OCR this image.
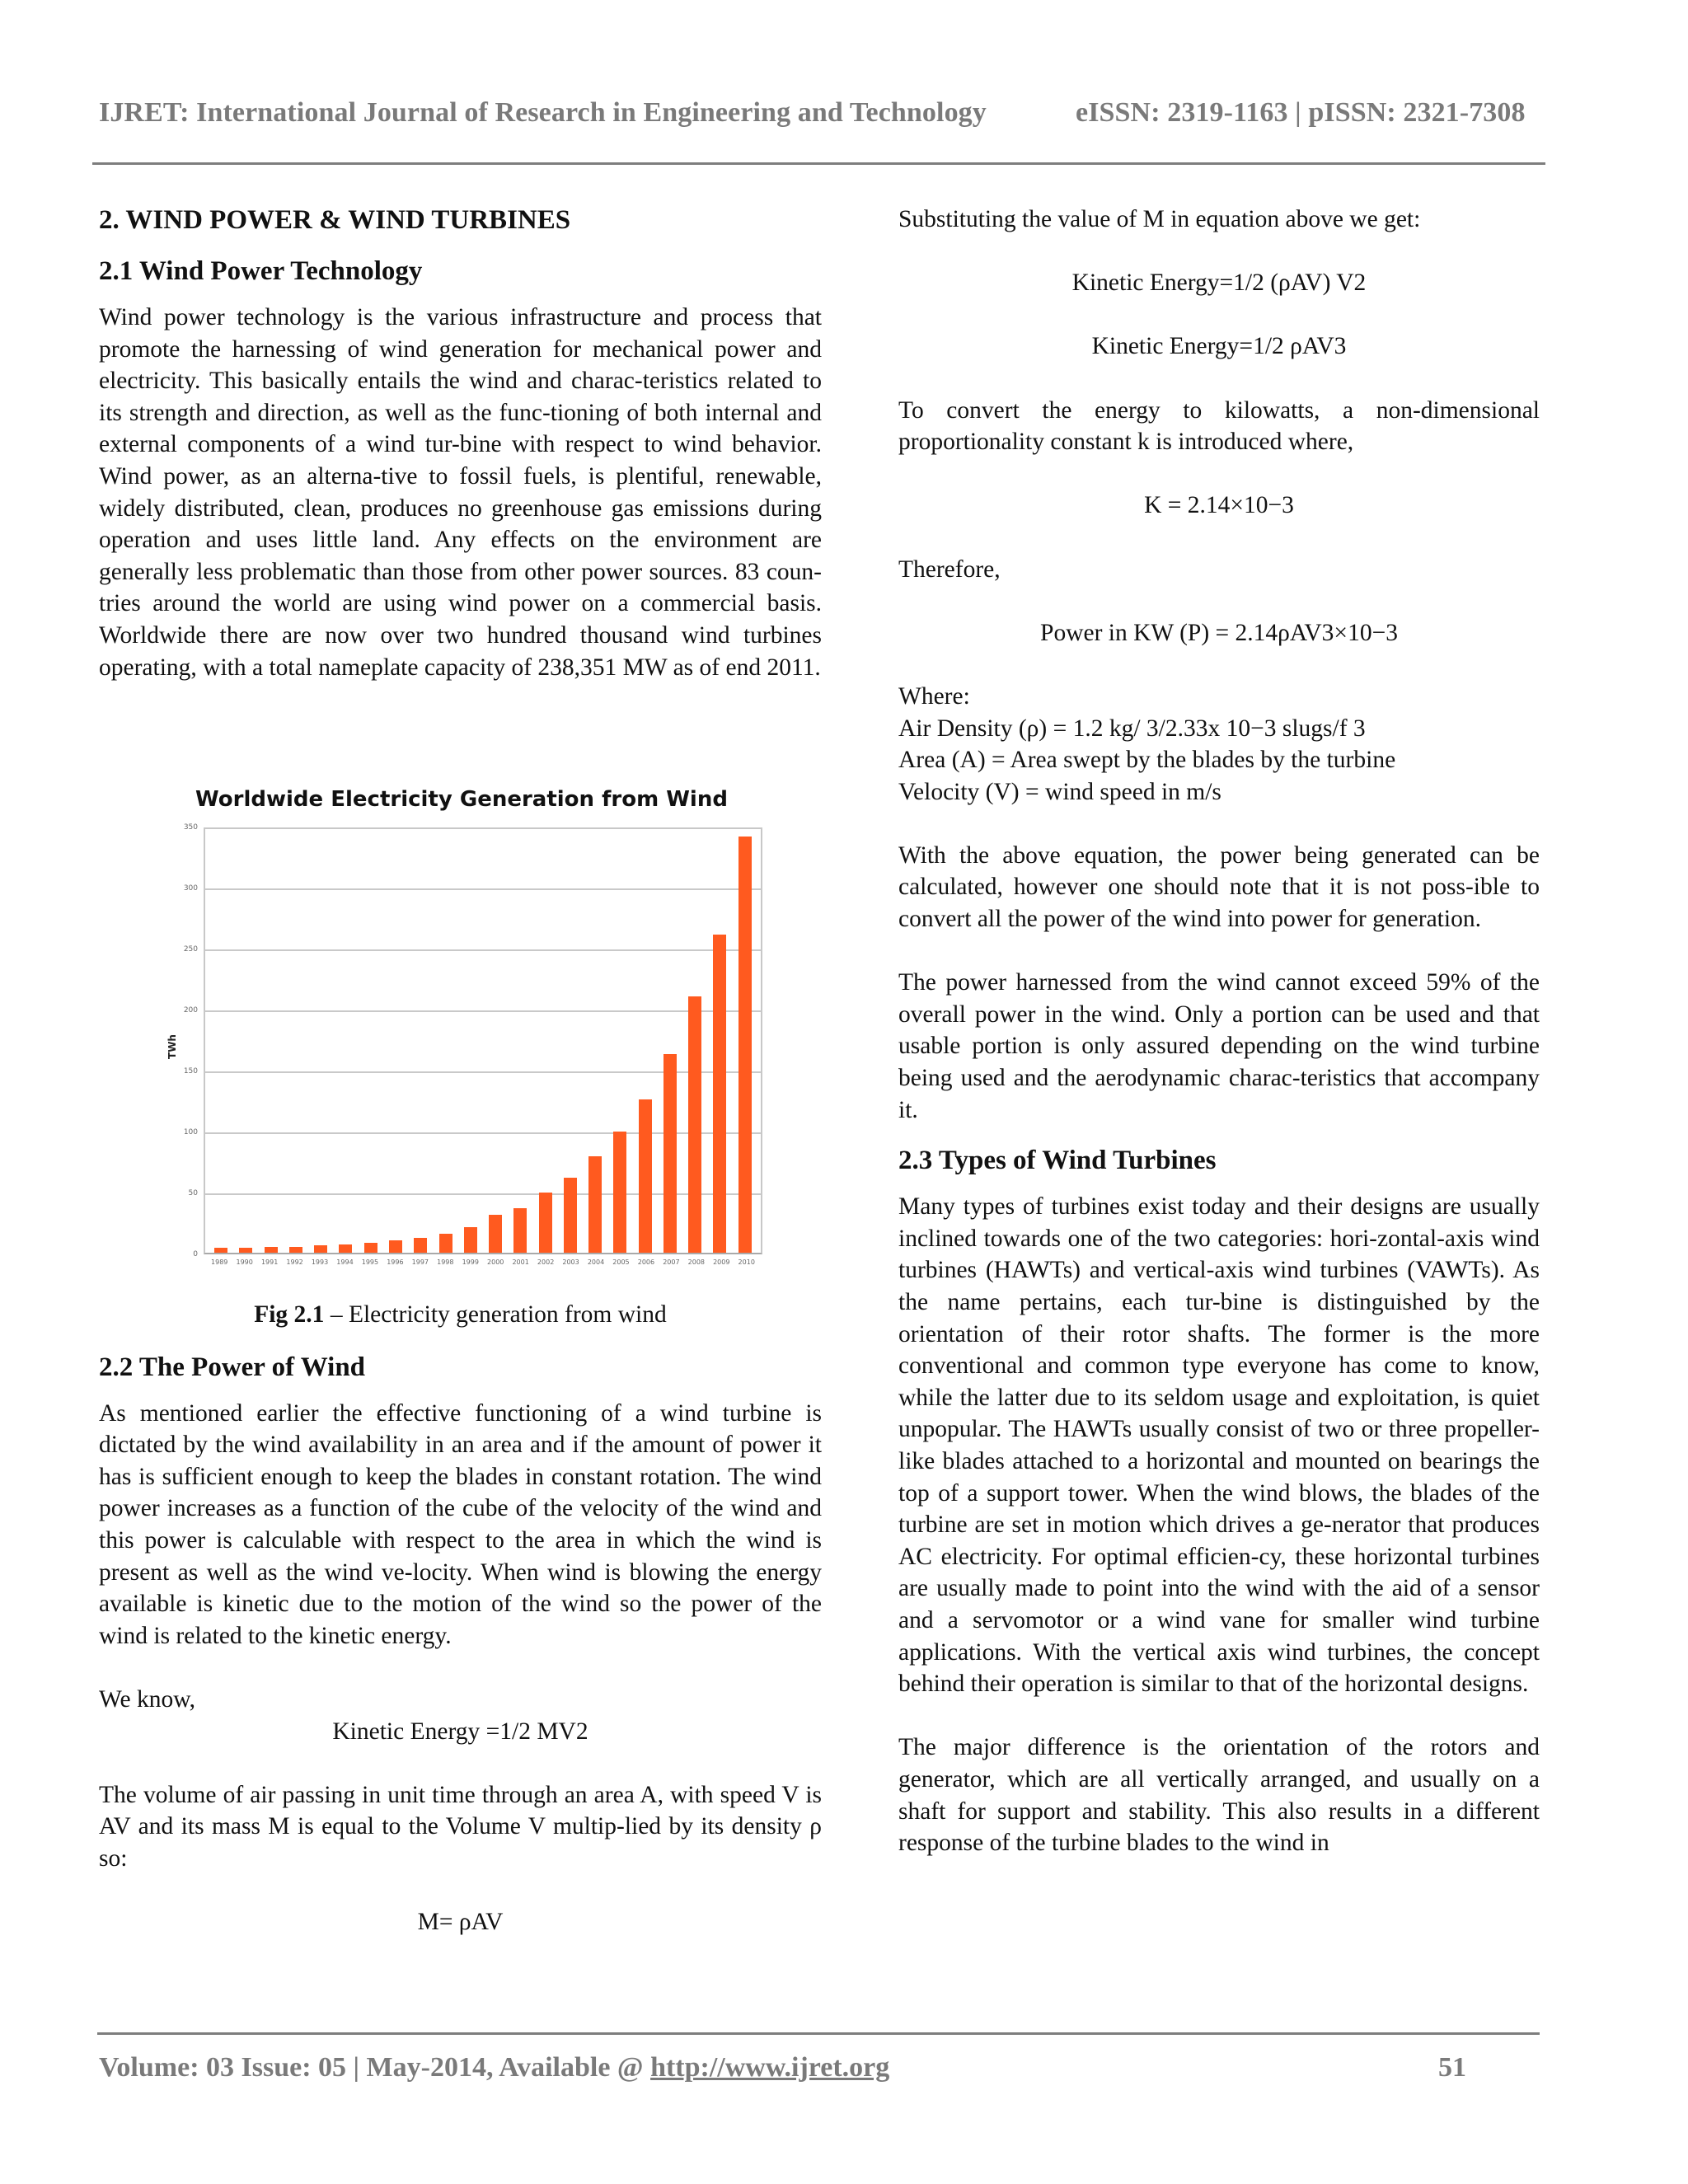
IJRET: International Journal of Research in Engineering and Technology	eISSN: 2319-1163 | pISSN: 2321-7308
2. WIND POWER & WIND TURBINES
2.1 Wind Power Technology

Wind power technology is the various infrastructure and process that promote the harnessing of wind generation for mechanical power and electricity. This basically entails the wind and charac-teristics related to its strength and direction, as well as the func-tioning of both internal and external components of a wind tur-bine with respect to wind behavior. Wind power, as an alterna-tive to fossil fuels, is plentiful, renewable, widely distributed, clean, produces no greenhouse gas emissions during operation and uses little land. Any effects on the environment are generally less problematic than those from other power sources. 83 coun-tries around the world are using wind power on a commercial basis. Worldwide there are now over two hundred thousand wind turbines operating, with a total nameplate capacity of 238,351 MW as of end 2011.

Worldwide Electricity Generation from Wind
TWh
350
300
250
200
150
100
50
0
1989	1990	1991	1992	1993	1994	1995	1996	1997	1998	1999	2000	2001	2002	2003	2004	2005	2006	2007	2008	2009	2010

Fig 2.1 – Electricity generation from wind

2.2 The Power of Wind

As mentioned earlier the effective functioning of a wind turbine is dictated by the wind availability in an area and if the amount of power it has is sufficient enough to keep the blades in constant rotation. The wind power increases as a function of the cube of the velocity of the wind and this power is calculable with respect to the area in which the wind is present as well as the wind ve-locity. When wind is blowing the energy available is kinetic due to the motion of the wind so the power of the wind is related to the kinetic energy.

We know,

Kinetic Energy =1/2 MV2

The volume of air passing in unit time through an area A, with speed V is AV and its mass M is equal to the Volume V multip-lied by its density ρ so:

M= ρAV

Substituting the value of M in equation above we get:

Kinetic Energy=1/2 (ρAV) V2

Kinetic Energy=1/2 ρAV3

To convert the energy to kilowatts, a non-dimensional proportionality constant k is introduced where,

K = 2.14×10−3

Therefore,

Power in KW (P) = 2.14ρAV3×10−3

Where:

Air Density (ρ) = 1.2 kg/ 3/2.33x 10−3 slugs/f 3

Area (A) = Area swept by the blades by the turbine

Velocity (V) = wind speed in m/s

With the above equation, the power being generated can be calculated, however one should note that it is not poss-ible to convert all the power of the wind into power for generation.

The power harnessed from the wind cannot exceed 59% of the overall power in the wind. Only a portion can be used and that usable portion is only assured depending on the wind turbine being used and the aerodynamic charac-teristics that accompany it.

2.3 Types of Wind Turbines

Many types of turbines exist today and their designs are usually inclined towards one of the two categories: hori-zontal-axis wind turbines (HAWTs) and vertical-axis wind turbines (VAWTs). As the name pertains, each tur-bine is distinguished by the orientation of their rotor shafts. The former is the more conventional and common type everyone has come to know, while the latter due to its seldom usage and exploitation, is quiet unpopular. The HAWTs usually consist of two or three propeller-like blades attached to a horizontal and mounted on bearings the top of a support tower. When the wind blows, the blades of the turbine are set in motion which drives a ge-nerator that produces AC electricity. For optimal efficien-cy, these horizontal turbines are usually made to point into the wind with the aid of a sensor and a servomotor or a wind vane for smaller wind turbine applications. With the vertical axis wind turbines, the concept behind their operation is similar to that of the horizontal designs.

The major difference is the orientation of the rotors and generator, which are all vertically arranged, and usually on a shaft for support and stability. This also results in a different response of the turbine blades to the wind in

Volume: 03 Issue: 05 | May-2014, Available @ http://www.ijret.org	51
